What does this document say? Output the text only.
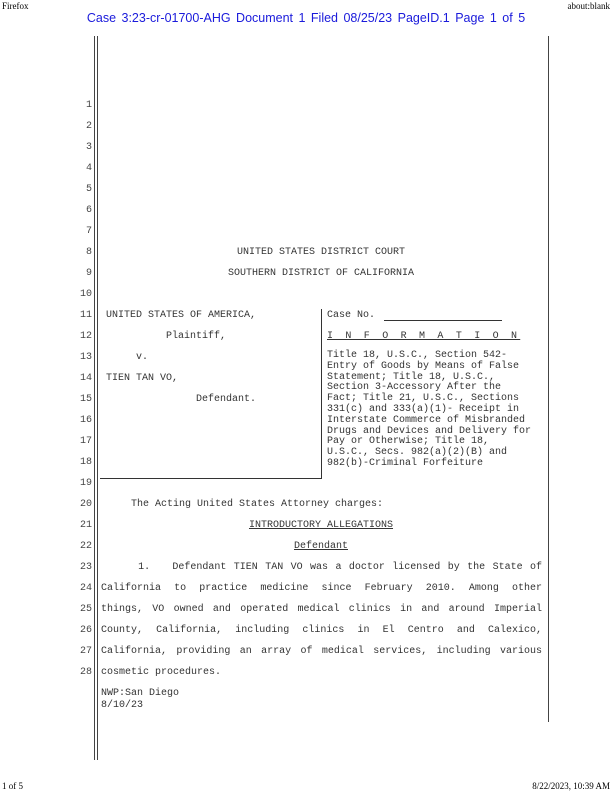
Firefox	about:blank
1 of 5	8/22/2023, 10:39 AM
Case 3:23-cr-01700-AHG Document 1 Filed 08/25/23 PageID.1 Page 1 of 5
1
2
3
4
5
6
7
8
9
10
11
12
13
14
15
16
17
18
19
20
21
22
23
24
25
26
27
28
UNITED STATES DISTRICT COURT
SOUTHERN DISTRICT OF CALIFORNIA
UNITED STATES OF AMERICA,
Plaintiff,
v.
TIEN TAN VO,
Defendant.
Case No.
I N F O R M A T I O N
Title 18, U.S.C., Section 542-
Entry of Goods by Means of False
Statement; Title 18, U.S.C.,
Section 3-Accessory After the
Fact; Title 21, U.S.C., Sections
331(c) and 333(a)(1)- Receipt in
Interstate Commerce of Misbranded
Drugs and Devices and Delivery for
Pay or Otherwise; Title 18,
U.S.C., Secs. 982(a)(2)(B) and
982(b)-Criminal Forfeiture
The Acting United States Attorney charges:
INTRODUCTORY ALLEGATIONS
Defendant
1.   Defendant TIEN TAN VO was a doctor licensed by the State of
California to practice medicine since February 2010. Among other
things, VO owned and operated medical clinics in and around Imperial
County, California, including clinics in El Centro and Calexico,
California, providing an array of medical services, including various
cosmetic procedures.
NWP:San Diego
8/10/23
